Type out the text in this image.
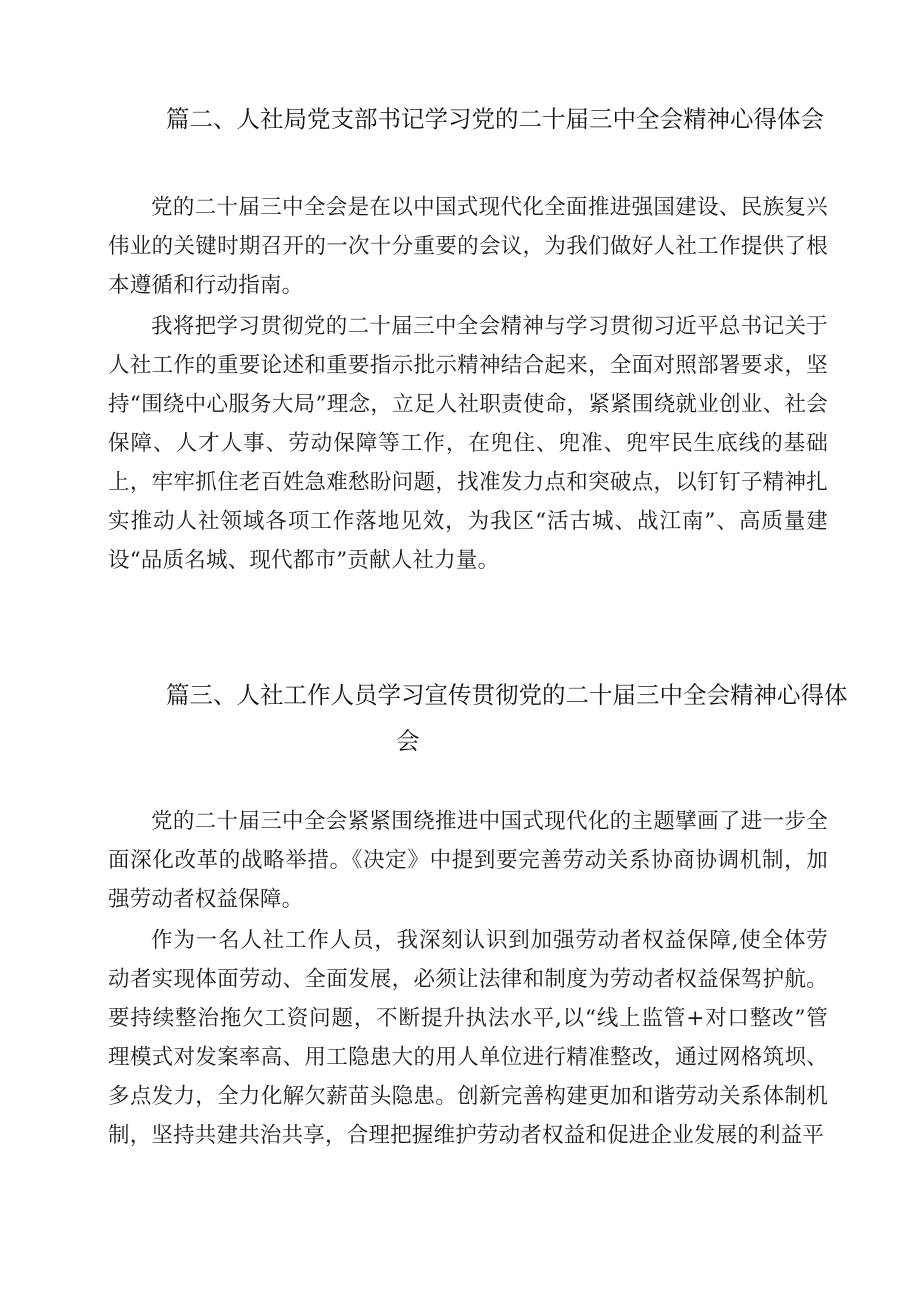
篇二、人社局党支部书记学习党的二十届三中全会精神心得体会

党的二十届三中全会是在以中国式现代化全面推进强国建设、民族复兴伟业的关键时期召开的一次十分重要的会议，为我们做好人社工作提供了根本遵循和行动指南。

我将把学习贯彻党的二十届三中全会精神与学习贯彻习近平总书记关于人社工作的重要论述和重要指示批示精神结合起来，全面对照部署要求，坚持“围绕中心服务大局”理念，立足人社职责使命，紧紧围绕就业创业、社会保障、人才人事、劳动保障等工作，在兜住、兜准、兜牢民生底线的基础上，牢牢抓住老百姓急难愁盼问题，找准发力点和突破点，以钉钉子精神扎实推动人社领域各项工作落地见效，为我区“活古城、战江南”、高质量建设“品质名城、现代都市”贡献人社力量。

篇三、人社工作人员学习宣传贯彻党的二十届三中全会精神心得体
会

党的二十届三中全会紧紧围绕推进中国式现代化的主题擘画了进一步全面深化改革的战略举措。《决定》中提到要完善劳动关系协商协调机制，加强劳动者权益保障。

作为一名人社工作人员，我深刻认识到加强劳动者权益保障,使全体劳动者实现体面劳动、全面发展，必须让法律和制度为劳动者权益保驾护航。要持续整治拖欠工资问题，不断提升执法水平,以“线上监管+对口整改”管理模式对发案率高、用工隐患大的用人单位进行精准整改，通过网格筑坝、多点发力，全力化解欠薪苗头隐患。创新完善构建更加和谐劳动关系体制机制，坚持共建共治共享，合理把握维护劳动者权益和促进企业发展的利益平
